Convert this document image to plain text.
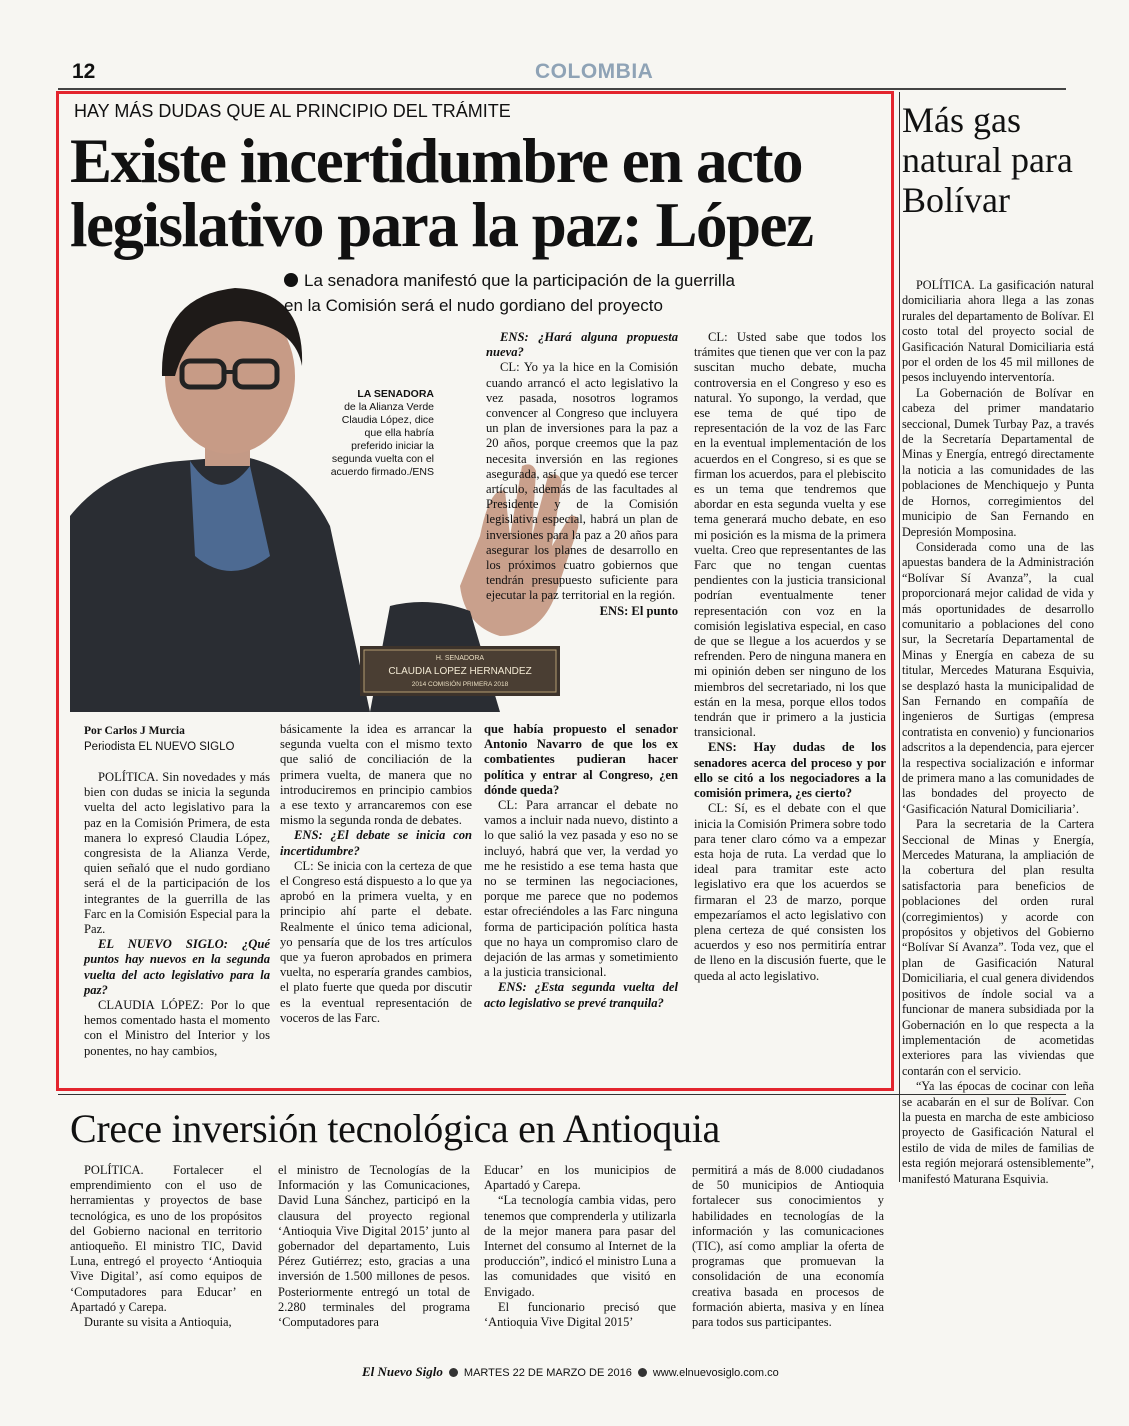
12	COLOMBIA
HAY MÁS DUDAS QUE AL PRINCIPIO DEL TRÁMITE
Existe incertidumbre en acto legislativo para la paz: López
H. SENADORA
CLAUDIA LOPEZ HERNANDEZ
2014 COMISIÓN PRIMERA 2018
LA SENADORA
de la Alianza Verde Claudia López, dice que ella habría preferido iniciar la segunda vuelta con el acuerdo firmado./ENS
La senadora manifestó que la participación de la guerrilla en la Comisión será el nudo gordiano del proyecto

ENS: ¿Hará alguna propuesta nueva?

CL: Yo ya la hice en la Comisión cuando arrancó el acto legislativo la vez pasada, nosotros logramos convencer al Congreso que incluyera un plan de inversiones para la paz a 20 años, porque creemos que la paz necesita inversión en las regiones asegurada, así que ya quedó ese tercer artículo, además de las facultades al Presidente y de la Comisión legislativa especial, habrá un plan de inversiones para la paz a 20 años para asegurar los planes de desarrollo en los próximos cuatro gobiernos que tendrán presupuesto suficiente para ejecutar la paz territorial en la región.

ENS: El punto

Por Carlos J Murcia
Periodista EL NUEVO SIGLO

POLÍTICA. Sin novedades y más bien con dudas se inicia la segunda vuelta del acto legislativo para la paz en la Comisión Primera, de esta manera lo expresó Claudia López, congresista de la Alianza Verde, quien señaló que el nudo gordiano será el de la participación de los integrantes de la guerrilla de las Farc en la Comisión Especial para la Paz.

EL NUEVO SIGLO: ¿Qué puntos hay nuevos en la segunda vuelta del acto legislativo para la paz?

CLAUDIA LÓPEZ: Por lo que hemos comentado hasta el momento con el Ministro del Interior y los ponentes, no hay cambios,

básicamente la idea es arrancar la segunda vuelta con el mismo texto que salió de conciliación de la primera vuelta, de manera que no introduciremos en principio cambios a ese texto y arrancaremos con ese mismo la segunda ronda de debates.

ENS: ¿El debate se inicia con incertidumbre?

CL: Se inicia con la certeza de que el Congreso está dispuesto a lo que ya aprobó en la primera vuelta, y en principio ahí parte el debate. Realmente el único tema adicional, yo pensaría que de los tres artículos que ya fueron aprobados en primera vuelta, no esperaría grandes cambios, el plato fuerte que queda por discutir es la eventual representación de voceros de las Farc.

que había propuesto el senador Antonio Navarro de que los ex combatientes pudieran hacer política y entrar al Congreso, ¿en dónde queda?

CL: Para arrancar el debate no vamos a incluir nada nuevo, distinto a lo que salió la vez pasada y eso no se incluyó, habrá que ver, la verdad yo me he resistido a ese tema hasta que no se terminen las negociaciones, porque me parece que no podemos estar ofreciéndoles a las Farc ninguna forma de participación política hasta que no haya un compromiso claro de dejación de las armas y sometimiento a la justicia transicional.

ENS: ¿Esta segunda vuelta del acto legislativo se prevé tranquila?

CL: Usted sabe que todos los trámites que tienen que ver con la paz suscitan mucho debate, mucha controversia en el Congreso y eso es natural. Yo supongo, la verdad, que ese tema de qué tipo de representación de la voz de las Farc en la eventual implementación de los acuerdos en el Congreso, si es que se firman los acuerdos, para el plebiscito es un tema que tendremos que abordar en esta segunda vuelta y ese tema generará mucho debate, en eso mi posición es la misma de la primera vuelta. Creo que representantes de las Farc que no tengan cuentas pendientes con la justicia transicional podrían eventualmente tener representación con voz en la comisión legislativa especial, en caso de que se llegue a los acuerdos y se refrenden. Pero de ninguna manera en mi opinión deben ser ninguno de los miembros del secretariado, ni los que están en la mesa, porque ellos todos tendrán que ir primero a la justicia transicional.

ENS: Hay dudas de los senadores acerca del proceso y por ello se citó a los negociadores a la comisión primera, ¿es cierto?

CL: Sí, es el debate con el que inicia la Comisión Primera sobre todo para tener claro cómo va a empezar esta hoja de ruta. La verdad que lo ideal para tramitar este acto legislativo era que los acuerdos se firmaran el 23 de marzo, porque empezaríamos el acto legislativo con plena certeza de qué consisten los acuerdos y eso nos permitiría entrar de lleno en la discusión fuerte, que le queda al acto legislativo.

Más gas natural para Bolívar

POLÍTICA. La gasificación natural domiciliaria ahora llega a las zonas rurales del departamento de Bolívar. El costo total del proyecto social de Gasificación Natural Domiciliaria está por el orden de los 45 mil millones de pesos incluyendo interventoría.

La Gobernación de Bolívar en cabeza del primer mandatario seccional, Dumek Turbay Paz, a través de la Secretaría Departamental de Minas y Energía, entregó directamente la noticia a las comunidades de las poblaciones de Menchiquejo y Punta de Hornos, corregimientos del municipio de San Fernando en Depresión Momposina.

Considerada como una de las apuestas bandera de la Administración “Bolívar Sí Avanza”, la cual proporcionará mejor calidad de vida y más oportunidades de desarrollo comunitario a poblaciones del cono sur, la Secretaría Departamental de Minas y Energía en cabeza de su titular, Mercedes Maturana Esquivia, se desplazó hasta la municipalidad de San Fernando en compañía de ingenieros de Surtigas (empresa contratista en convenio) y funcionarios adscritos a la dependencia, para ejercer la respectiva socialización e informar de primera mano a las comunidades de las bondades del proyecto de ‘Gasificación Natural Domiciliaria’.

Para la secretaria de la Cartera Seccional de Minas y Energía, Mercedes Maturana, la ampliación de la cobertura del plan resulta satisfactoria para beneficios de poblaciones del orden rural (corregimientos) y acorde con propósitos y objetivos del Gobierno “Bolívar Sí Avanza”. Toda vez, que el plan de Gasificación Natural Domiciliaria, el cual genera dividendos positivos de índole social va a funcionar de manera subsidiada por la Gobernación en lo que respecta a la implementación de acometidas exteriores para las viviendas que contarán con el servicio.

“Ya las épocas de cocinar con leña se acabarán en el sur de Bolívar. Con la puesta en marcha de este ambicioso proyecto de Gasificación Natural el estilo de vida de miles de familias de esta región mejorará ostensiblemente”, manifestó Maturana Esquivia.

Crece inversión tecnológica en Antioquia

POLÍTICA. Fortalecer el emprendimiento con el uso de herramientas y proyectos de base tecnológica, es uno de los propósitos del Gobierno nacional en territorio antioqueño. El ministro TIC, David Luna, entregó el proyecto ‘Antioquia Vive Digital’, así como equipos de ‘Computadores para Educar’ en Apartadó y Carepa.

Durante su visita a Antioquia,

el ministro de Tecnologías de la Información y las Comunicaciones, David Luna Sánchez, participó en la clausura del proyecto regional ‘Antioquia Vive Digital 2015’ junto al gobernador del departamento, Luis Pérez Gutiérrez; esto, gracias a una inversión de 1.500 millones de pesos. Posteriormente entregó un total de 2.280 terminales del programa ‘Computadores para

Educar’ en los municipios de Apartadó y Carepa.

“La tecnología cambia vidas, pero tenemos que comprenderla y utilizarla de la mejor manera para pasar del Internet del consumo al Internet de la producción”, indicó el ministro Luna a las comunidades que visitó en Envigado.

El funcionario precisó que ‘Antioquia Vive Digital 2015’

permitirá a más de 8.000 ciudadanos de 50 municipios de Antioquia fortalecer sus conocimientos y habilidades en tecnologías de la información y las comunicaciones (TIC), así como ampliar la oferta de programas que promuevan la consolidación de una economía creativa basada en procesos de formación abierta, masiva y en línea para todos sus participantes.

El Nuevo Siglo MARTES 22 DE MARZO DE 2016 www.elnuevosiglo.com.co
